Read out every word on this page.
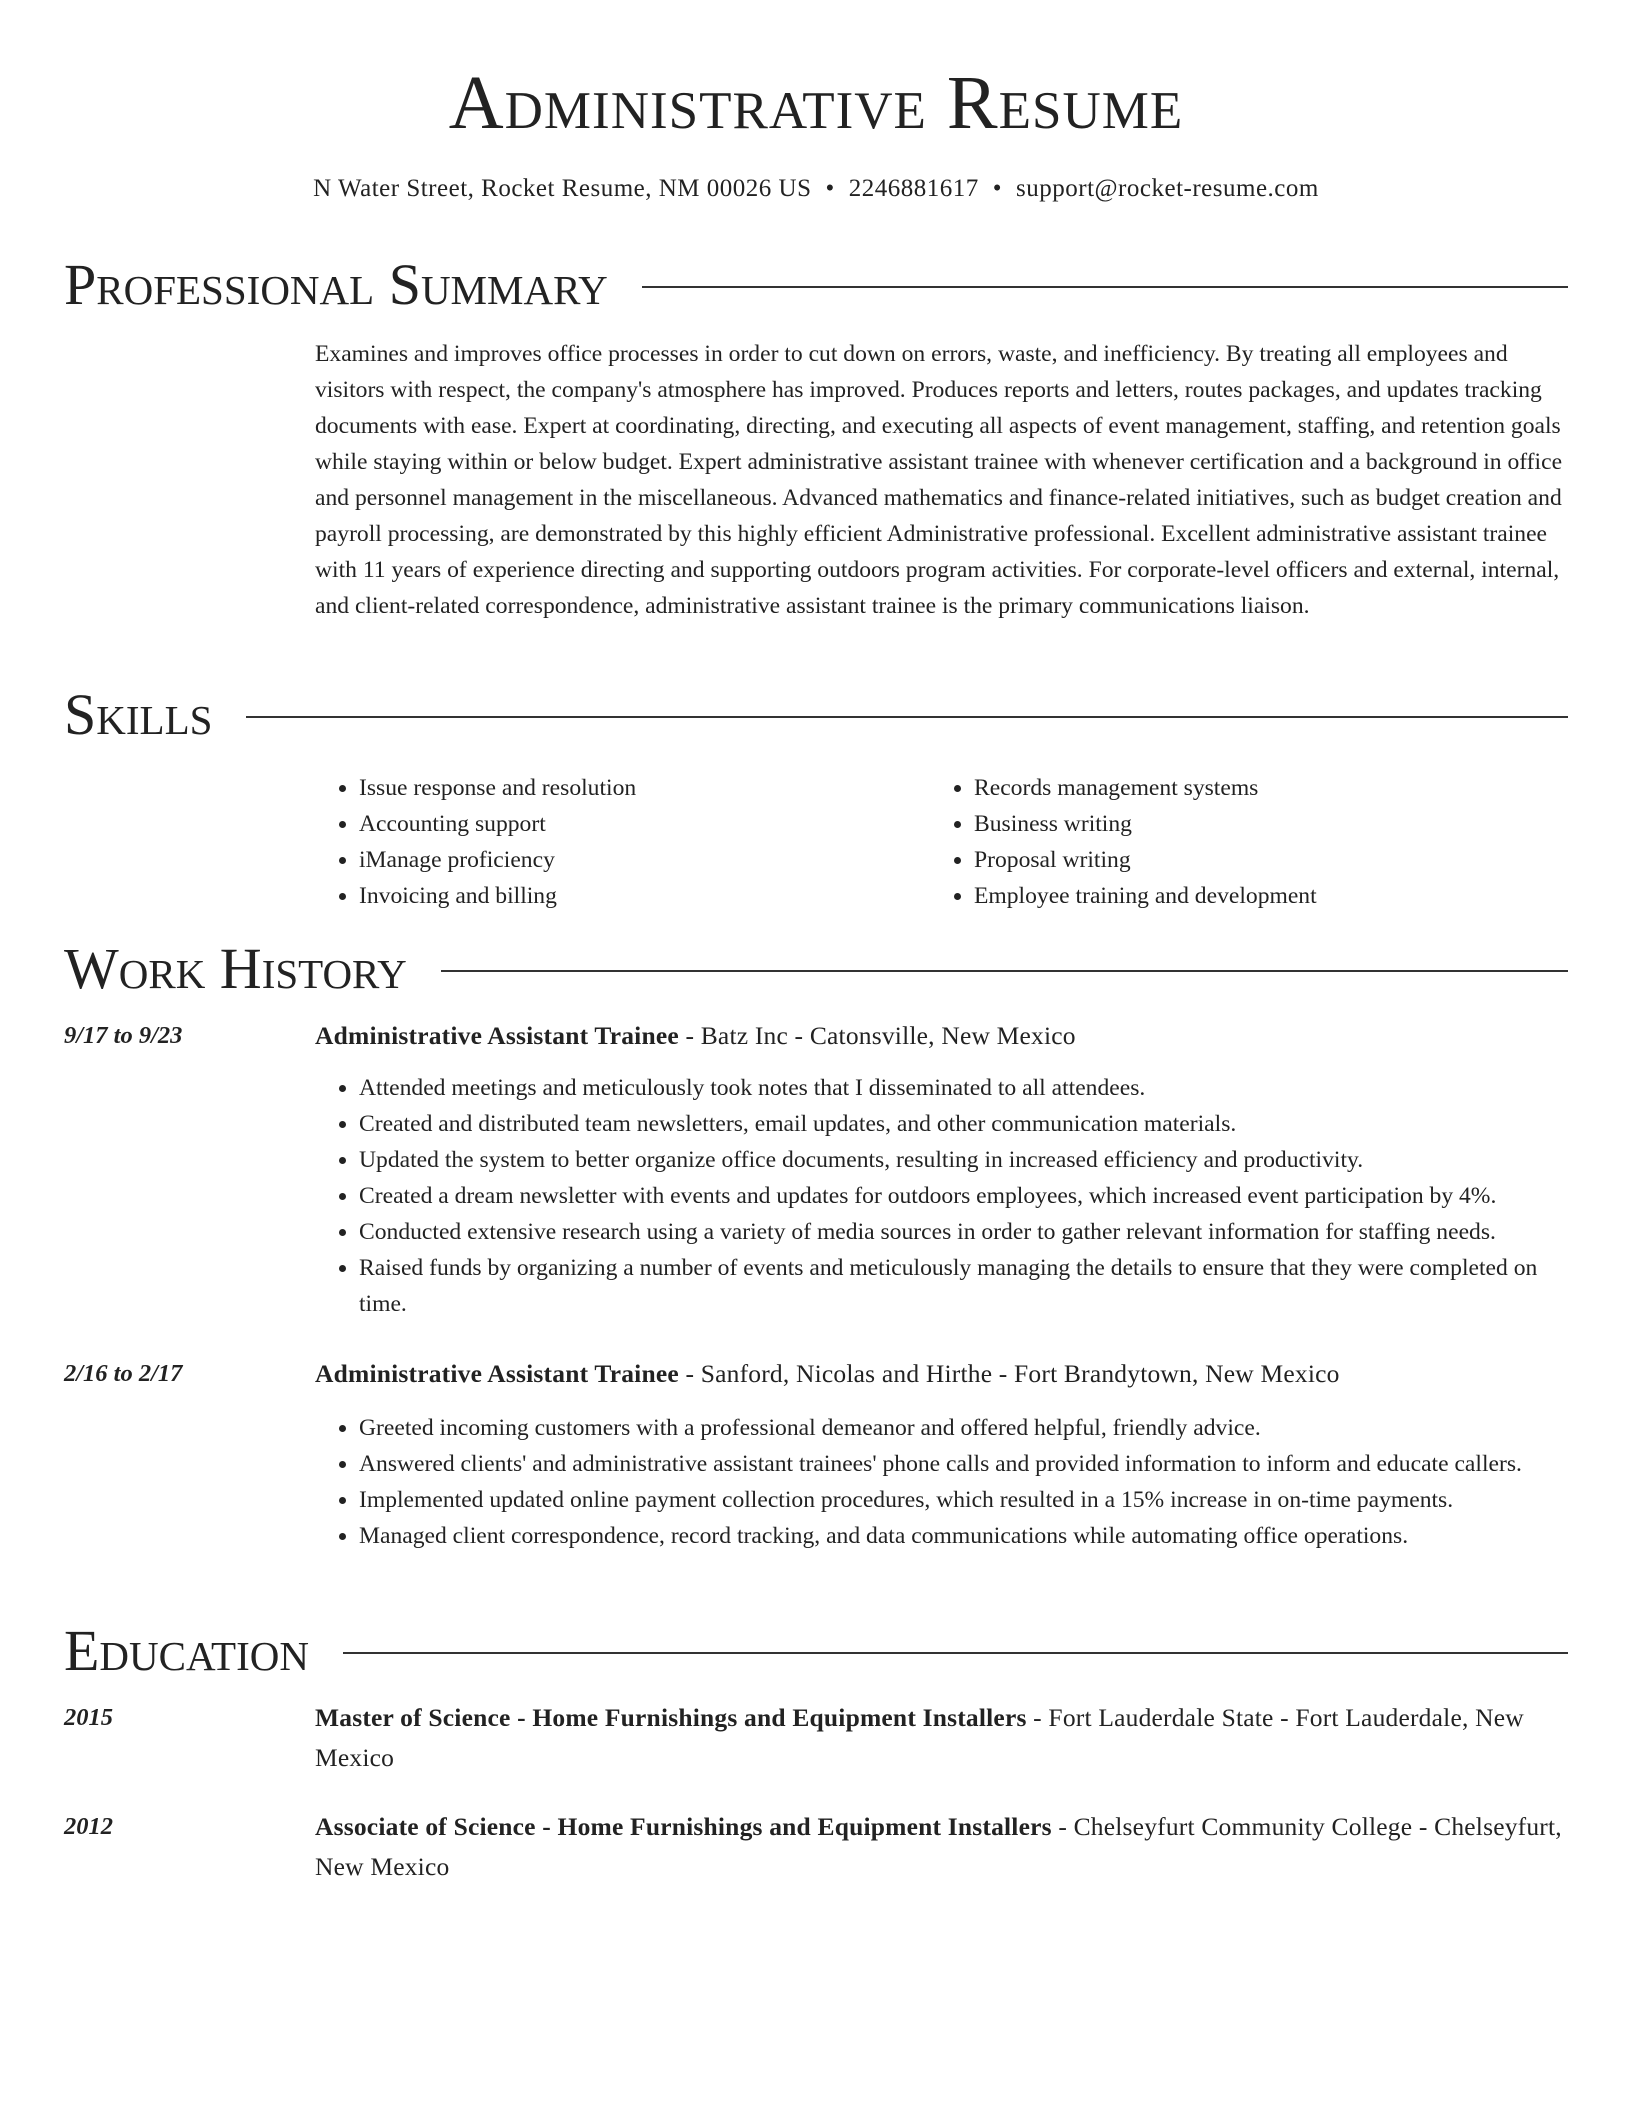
Administrative Resume
N Water Street, Rocket Resume, NM 00026 US • 2246881617 • support@rocket-resume.com
Professional Summary

Examines and improves office processes in order to cut down on errors, waste, and inefficiency. By treating all employees and visitors with respect, the company's atmosphere has improved. Produces reports and letters, routes packages, and updates tracking documents with ease. Expert at coordinating, directing, and executing all aspects of event management, staffing, and retention goals while staying within or below budget. Expert administrative assistant trainee with whenever certification and a background in office and personnel management in the miscellaneous. Advanced mathematics and finance-related initiatives, such as budget creation and payroll processing, are demonstrated by this highly efficient Administrative professional. Excellent administrative assistant trainee with 11 years of experience directing and supporting outdoors program activities. For corporate-level officers and external, internal, and client-related correspondence, administrative assistant trainee is the primary communications liaison.

Skills
• Issue response and resolution
• Accounting support
• iManage proficiency
• Invoicing and billing
• Records management systems
• Business writing
• Proposal writing
• Employee training and development
Work History
9/17 to 9/23	Administrative Assistant Trainee - Batz Inc - Catonsville, New Mexico
• Attended meetings and meticulously took notes that I disseminated to all attendees.
• Created and distributed team newsletters, email updates, and other communication materials.
• Updated the system to better organize office documents, resulting in increased efficiency and productivity.
• Created a dream newsletter with events and updates for outdoors employees, which increased event participation by 4%.
• Conducted extensive research using a variety of media sources in order to gather relevant information for staffing needs.
• Raised funds by organizing a number of events and meticulously managing the details to ensure that they were completed on time.
2/16 to 2/17	Administrative Assistant Trainee - Sanford, Nicolas and Hirthe - Fort Brandytown, New Mexico
• Greeted incoming customers with a professional demeanor and offered helpful, friendly advice.
• Answered clients' and administrative assistant trainees' phone calls and provided information to inform and educate callers.
• Implemented updated online payment collection procedures, which resulted in a 15% increase in on-time payments.
• Managed client correspondence, record tracking, and data communications while automating office operations.
Education
2015	Master of Science - Home Furnishings and Equipment Installers - Fort Lauderdale State - Fort Lauderdale, New Mexico
2012	Associate of Science - Home Furnishings and Equipment Installers - Chelseyfurt Community College - Chelseyfurt, New Mexico
